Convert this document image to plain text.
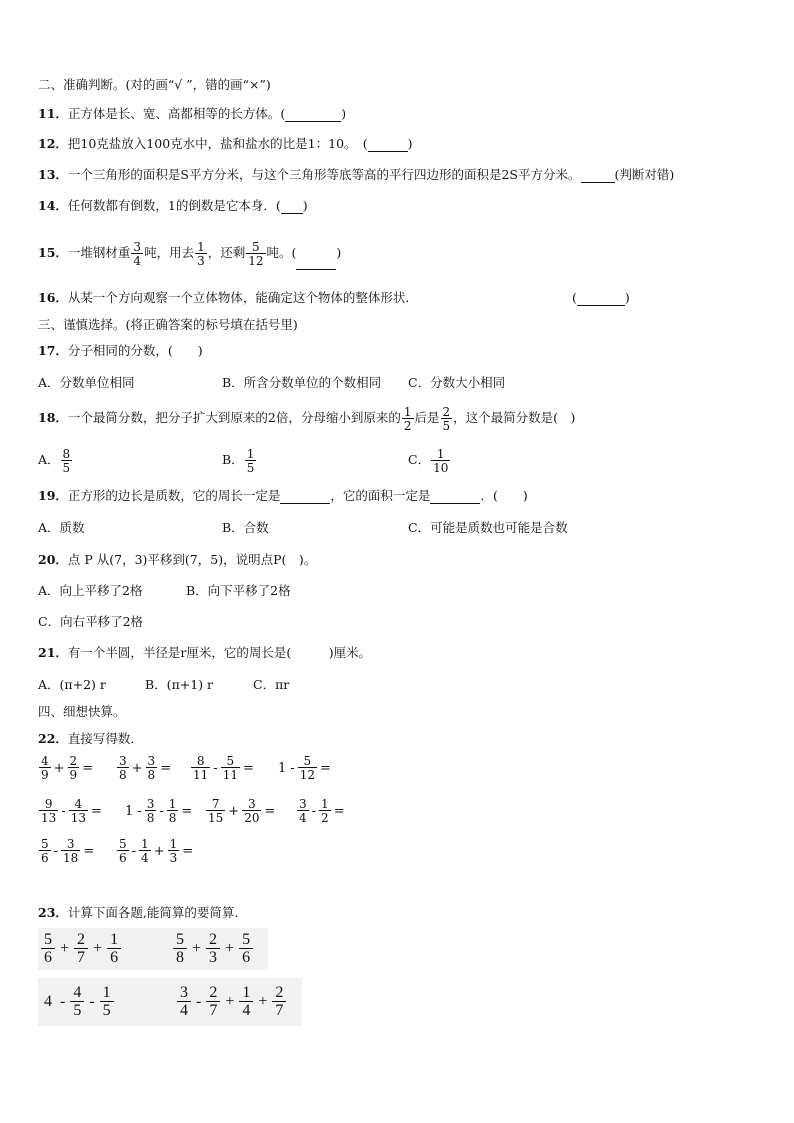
二、准确判断。(对的画“√ ”，错的画“×”)
11．正方体是长、宽、高都相等的长方体。(	)
12．把10克盐放入100克水中，盐和盐水的比是1：10。　(	)
13．一个三角形的面积是S平方分米，与这个三角形等底等高的平行四边形的面积是2S平方分米。	(判断对错)
14．任何数都有倒数，1的倒数是它本身．( )
15．一堆钢材重 $\frac{3}{4}$ 吨，用去 $\frac{1}{3}$ ，还剩 $\frac{5}{12}$ 吨。(	)
16．从某一个方向观察一个立体物体，能确定这个物体的整体形状．	(	)
三、谨慎选择。(将正确答案的标号填在括号里)
17．分子相同的分数，(　　)
A．分数单位相同	B．所含分数单位的个数相同 C．分数大小相同
18．一个最简分数，把分子扩大到原来的2倍，分母缩小到原来的 $\frac{1}{2}$ 后是 $\frac{2}{5}$ ，这个最简分数是(　)
A． $\frac{8}{5}$	B． $\frac{1}{5}$	C． $\frac{1}{10}$
19．正方形的边长是质数，它的周长一定是	，它的面积一定是	．(　　)
A．质数	B．合数	C．可能是质数也可能是合数
20．点 P 从(7，3)平移到(7，5)，说明点P(　)。
A．向上平移了2格	B．向下平移了2格
C．向右平移了2格
21．有一个半圆，半径是r厘米，它的周长是(　　　)厘米。
A．(π+2) r	B．(π+1) r	C．πr
四、细想快算。
22．直接写得数．
$\frac{4}{9} + \frac{2}{9} = \frac{3}{8} + \frac{3}{8} = \frac{8}{11} - \frac{5}{11} = 1 - \frac{5}{12}$ =
$\frac{9}{13} - \frac{4}{13} = 1 - \frac{3}{8} - \frac{1}{8} = \frac{7}{15} + \frac{3}{20} = \frac{3}{4} - \frac{1}{2}$ =
$\frac{5}{6} - \frac{3}{18} = \frac{5}{6} - \frac{1}{4} + \frac{1}{3}$ =
23．计算下面各题,能简算的要简算.
$\frac{5}{6} + \frac{2}{7} + \frac{1}{6}$	$\frac{5}{8} + \frac{2}{3} + \frac{5}{6}$
$4 - \frac{4}{5} - \frac{1}{5}$	$\frac{3}{4} - \frac{2}{7} + \frac{1}{4} + \frac{2}{7}$
